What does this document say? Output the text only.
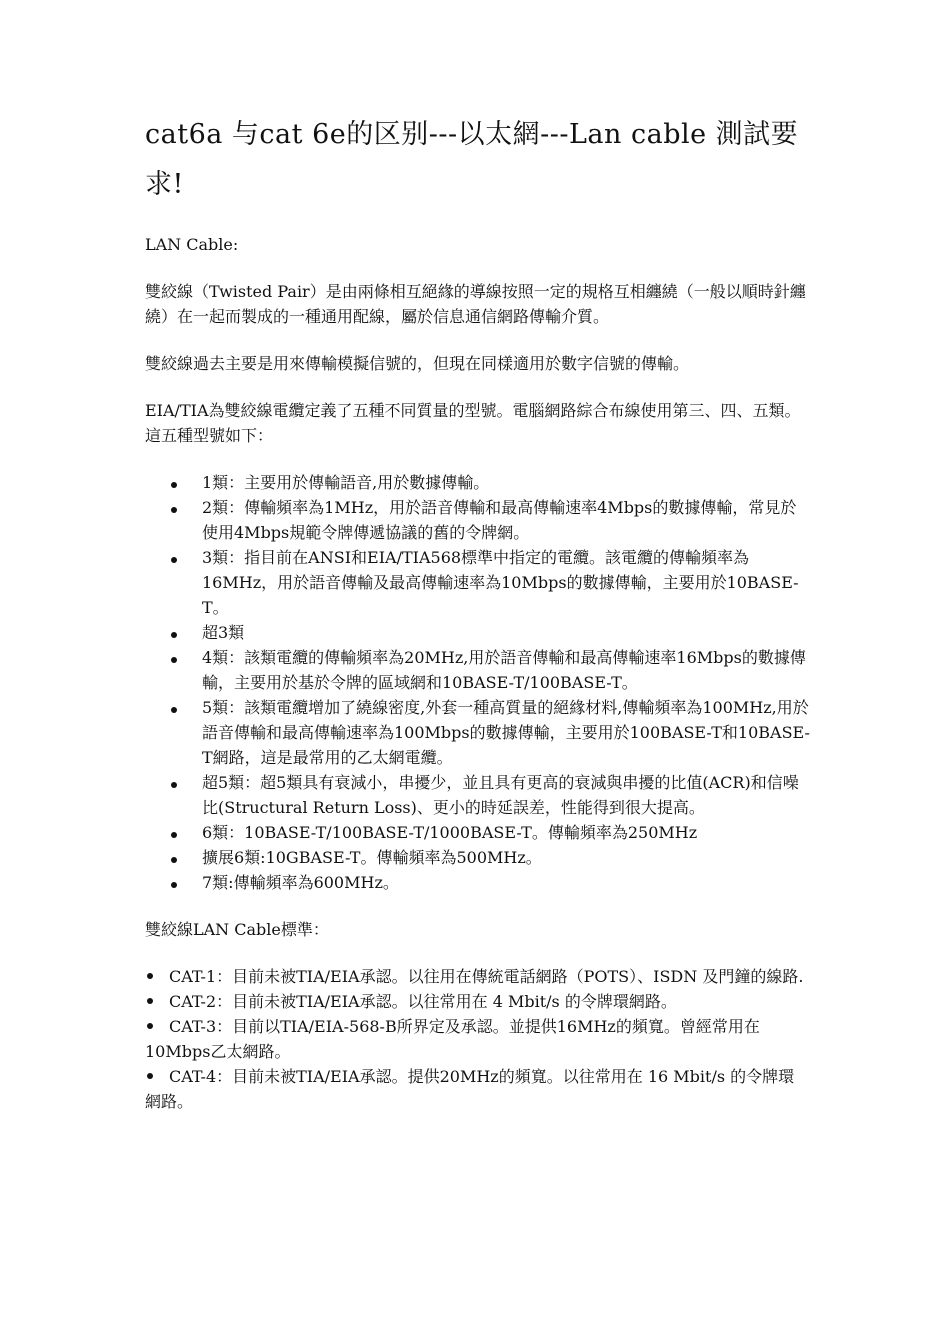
cat6a 与cat 6e的区别---以太網---Lan cable 測試要求!

LAN Cable:

雙絞線（Twisted Pair）是由兩條相互絕緣的導線按照一定的規格互相纏繞（一般以順時針纏繞）在一起而製成的一種通用配線，屬於信息通信網路傳輸介質。

雙絞線過去主要是用來傳輸模擬信號的，但現在同樣適用於數字信號的傳輸。

EIA/TIA為雙絞線電纜定義了五種不同質量的型號。電腦網路綜合布線使用第三、四、五類。 這五種型號如下：

1類：主要用於傳輸語音,用於數據傳輸。
2類：傳輸頻率為1MHz，用於語音傳輸和最高傳輸速率4Mbps的數據傳輸，常見於使用4Mbps規範令牌傳遞協議的舊的令牌網。
3類：指目前在ANSI和EIA/TIA568標準中指定的電纜。該電纜的傳輸頻率為16MHz，用於語音傳輸及最高傳輸速率為10Mbps的數據傳輸，主要用於10BASE-T。
超3類
4類：該類電纜的傳輸頻率為20MHz,用於語音傳輸和最高傳輸速率16Mbps的數據傳輸，主要用於基於令牌的區域網和10BASE-T/100BASE-T。
5類：該類電纜增加了繞線密度,外套一種高質量的絕緣材料,傳輸頻率為100MHz,用於語音傳輸和最高傳輸速率為100Mbps的數據傳輸，主要用於100BASE-T和10BASE-T網路，這是最常用的乙太網電纜。
超5類：超5類具有衰減小，串擾少，並且具有更高的衰減與串擾的比值(ACR)和信噪比(Structural Return Loss)、更小的時延誤差，性能得到很大提高。
6類：10BASE-T/100BASE-T/1000BASE-T。傳輸頻率為250MHz
擴展6類:10GBASE-T。傳輸頻率為500MHz。
7類:傳輸頻率為600MHz。

雙絞線LAN Cable標準：

CAT-1：目前未被TIA/EIA承認。以往用在傳統電話網路（POTS）、ISDN 及門鐘的線路.

CAT-2：目前未被TIA/EIA承認。以往常用在 4 Mbit/s 的令牌環網路。

CAT-3：目前以TIA/EIA-568-B所界定及承認。並提供16MHz的頻寬。曾經常用在10Mbps乙太網路。

CAT-4：目前未被TIA/EIA承認。提供20MHz的頻寬。以往常用在 16 Mbit/s 的令牌環網路。
